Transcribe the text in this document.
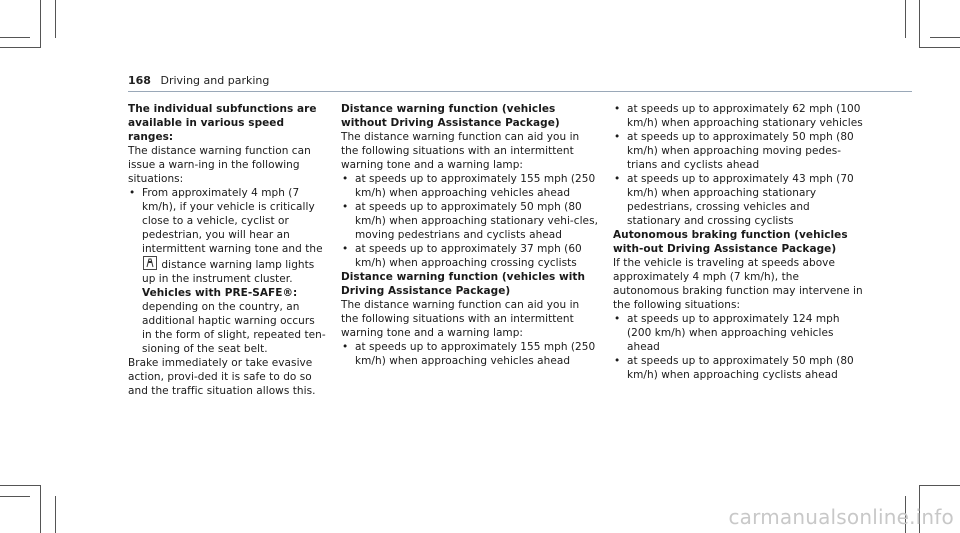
168 Driving and parking

The individual subfunctions are available in various speed ranges:

The distance warning function can issue a warn-ing in the following situations:

• From approximately 4 mph (7 km/h), if your vehicle is critically close to a vehicle, cyclist or pedestrian, you will hear an intermittent warning tone and the
distance warning lamp lights up in the instrument cluster.

Vehicles with PRE‑SAFE®: depending on the country, an additional haptic warning occurs in the form of slight, repeated ten-sioning of the seat belt.

Brake immediately or take evasive action, provi-ded it is safe to do so and the traffic situation allows this.

Distance warning function (vehicles without Driving Assistance Package)

The distance warning function can aid you in the following situations with an intermittent warning tone and a warning lamp:

• at speeds up to approximately 155 mph (250 km/h) when approaching vehicles ahead
• at speeds up to approximately 50 mph (80 km/h) when approaching stationary vehi-cles, moving pedestrians and cyclists ahead
• at speeds up to approximately 37 mph (60 km/h) when approaching crossing cyclists

Distance warning function (vehicles with Driving Assistance Package)

The distance warning function can aid you in the following situations with an intermittent warning tone and a warning lamp:

• at speeds up to approximately 155 mph (250 km/h) when approaching vehicles ahead
• at speeds up to approximately 62 mph (100 km/h) when approaching stationary vehicles
• at speeds up to approximately 50 mph (80 km/h) when approaching moving pedes-trians and cyclists ahead
• at speeds up to approximately 43 mph (70 km/h) when approaching stationary pedestrians, crossing vehicles and stationary and crossing cyclists

Autonomous braking function (vehicles with-out Driving Assistance Package)

If the vehicle is traveling at speeds above approximately 4 mph (7 km/h), the autonomous braking function may intervene in the following situations:

• at speeds up to approximately 124 mph (200 km/h) when approaching vehicles ahead
• at speeds up to approximately 50 mph (80 km/h) when approaching cyclists ahead
carmanualsonline.info
